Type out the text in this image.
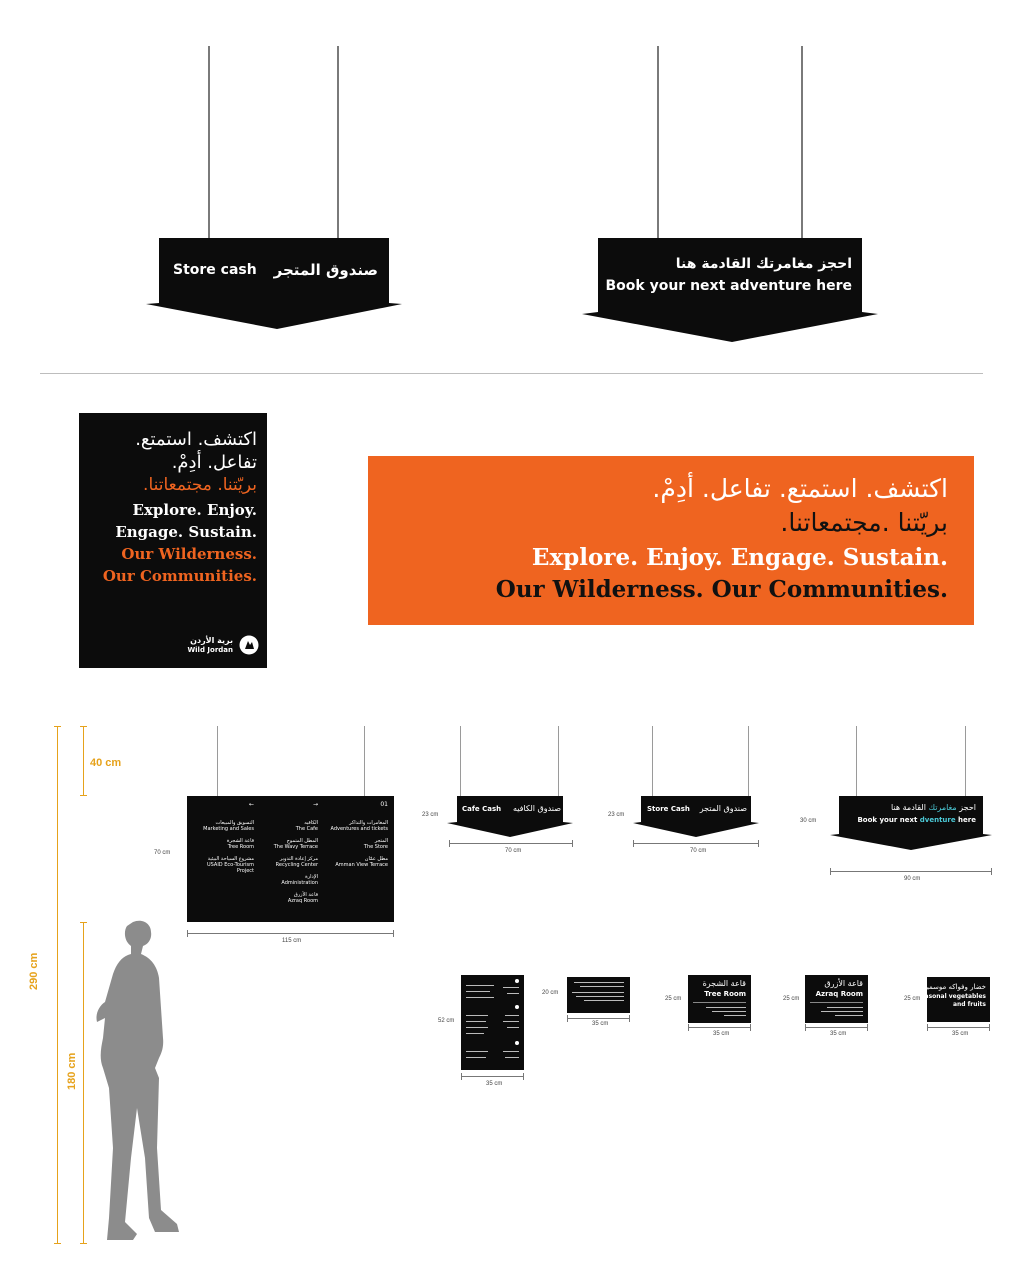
Store cash صندوق المتجر	احجز مغامرتك القادمة هنا
Book your next adventure here
اكتشف. استمتع.
تفاعل. أدِمْ.
بريّتنا. مجتمعاتنا.
Explore. Enjoy.
Engage. Sustain.
Our Wilderness.
Our Communities.
برية الأردن
Wild Jordan
اكتشف. استمتع. تفاعل. أدِمْ.
بريّتنا .مجتمعاتنا.
Explore. Enjoy. Engage. Sustain.
Our Wilderness. Our Communities.
290 cm
40 cm
180 cm
01
المغامرات والتذاكر
Adventures and tickets
المتجر
The Store
مطل عمّان
Amman View Terrace
→
الكافيه
The Cafe
المطل المتموج
The Wavy Terrace
مركز إعادة التدوير
Recycling Center
الإدارة
Administration
قاعة الأزرق
Azraq Room
←
التسويق والمبيعات
Marketing and Sales
قاعة الشجرة
Tree Room
مشروع السياحة البيئية
USAID Eco-Tourism Project
70 cm
115 cm
Cafe Cash صندوق الكافيه
23 cm
70 cm
Store Cash صندوق المتجر
23 cm
70 cm
احجز مغامرتك القادمة هنا
Book your next dventure here
30 cm
90 cm
52 cm
35 cm
20 cm
35 cm
قاعة الشجرة
Tree Room
25 cm
35 cm
قاعة الأزرق
Azraq Room
25 cm
35 cm
خضار وفواكه موسمية
Seasonal vegetables
and fruits
25 cm
35 cm
